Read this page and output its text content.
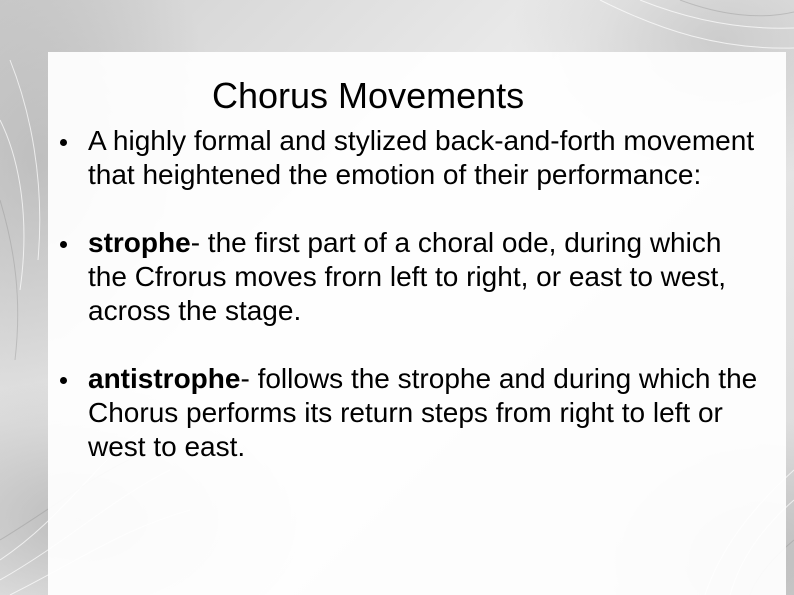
Chorus Movements
A highly formal and stylized back-and-forth movement that heightened the emotion of their performance:
strophe- the first part of a choral ode, during which the Cfrorus moves frorn left to right, or east to west, across the stage.
antistrophe- follows the strophe and during which the Chorus performs its return steps from right to left or west to east.
